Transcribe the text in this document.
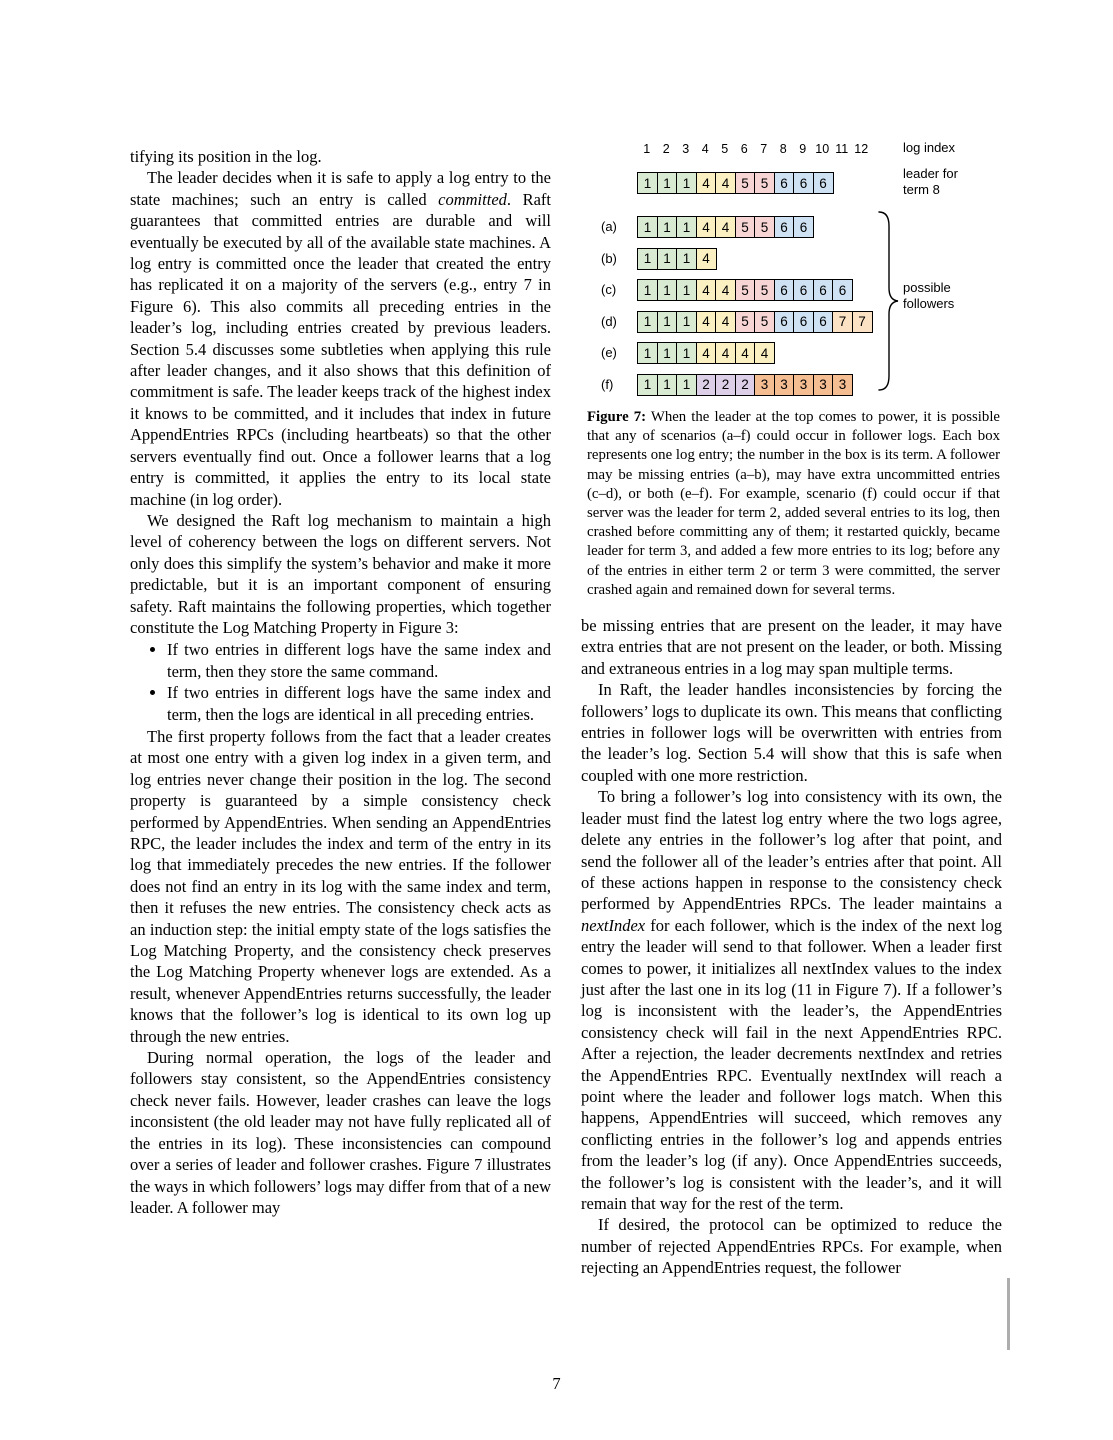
tifying its position in the log.

The leader decides when it is safe to apply a log entry to the state machines; such an entry is called committed. Raft guarantees that committed entries are durable and will eventually be executed by all of the available state machines. A log entry is committed once the leader that created the entry has replicated it on a majority of the servers (e.g., entry 7 in Figure 6). This also commits all preceding entries in the leader’s log, including entries created by previous leaders. Section 5.4 discusses some subtleties when applying this rule after leader changes, and it also shows that this definition of commitment is safe. The leader keeps track of the highest index it knows to be committed, and it includes that index in future AppendEntries RPCs (including heartbeats) so that the other servers eventually find out. Once a follower learns that a log entry is committed, it applies the entry to its local state machine (in log order).

We designed the Raft log mechanism to maintain a high level of coherency between the logs on different servers. Not only does this simplify the system’s behavior and make it more predictable, but it is an important component of ensuring safety. Raft maintains the following properties, which together constitute the Log Matching Property in Figure 3:

• If two entries in different logs have the same index and term, then they store the same command.
• If two entries in different logs have the same index and term, then the logs are identical in all preceding entries.

The first property follows from the fact that a leader creates at most one entry with a given log index in a given term, and log entries never change their position in the log. The second property is guaranteed by a simple consistency check performed by AppendEntries. When sending an AppendEntries RPC, the leader includes the index and term of the entry in its log that immediately precedes the new entries. If the follower does not find an entry in its log with the same index and term, then it refuses the new entries. The consistency check acts as an induction step: the initial empty state of the logs satisfies the Log Matching Property, and the consistency check preserves the Log Matching Property whenever logs are extended. As a result, whenever AppendEntries returns successfully, the leader knows that the follower’s log is identical to its own log up through the new entries.

During normal operation, the logs of the leader and followers stay consistent, so the AppendEntries consistency check never fails. However, leader crashes can leave the logs inconsistent (the old leader may not have fully replicated all of the entries in its log). These inconsistencies can compound over a series of leader and follower crashes. Figure 7 illustrates the ways in which followers’ logs may differ from that of a new leader. A follower may

1	2	3	4	5	6	7	8	9 10 11 12	log index
leader for
term 8
1 1 1 4 4 5 5 6 6 6
(a)	1 1 1 4 4 5 5 6 6
(b)	1 1 1 4
(c)	1 1 1 4 4 5 5 6 6 6 6
(d)	1 1 1 4 4 5 5 6 6 6 7 7
(e)	1 1 1 4 4 4 4
(f)	1 1 1 2 2 2 3 3 3 3 3
possible
followers

Figure 7: When the leader at the top comes to power, it is possible that any of scenarios (a–f) could occur in follower logs. Each box represents one log entry; the number in the box is its term. A follower may be missing entries (a–b), may have extra uncommitted entries (c–d), or both (e–f). For example, scenario (f) could occur if that server was the leader for term 2, added several entries to its log, then crashed before committing any of them; it restarted quickly, became leader for term 3, and added a few more entries to its log; before any of the entries in either term 2 or term 3 were committed, the server crashed again and remained down for several terms.

be missing entries that are present on the leader, it may have extra entries that are not present on the leader, or both. Missing and extraneous entries in a log may span multiple terms.

In Raft, the leader handles inconsistencies by forcing the followers’ logs to duplicate its own. This means that conflicting entries in follower logs will be overwritten with entries from the leader’s log. Section 5.4 will show that this is safe when coupled with one more restriction.

To bring a follower’s log into consistency with its own, the leader must find the latest log entry where the two logs agree, delete any entries in the follower’s log after that point, and send the follower all of the leader’s entries after that point. All of these actions happen in response to the consistency check performed by AppendEntries RPCs. The leader maintains a nextIndex for each follower, which is the index of the next log entry the leader will send to that follower. When a leader first comes to power, it initializes all nextIndex values to the index just after the last one in its log (11 in Figure 7). If a follower’s log is inconsistent with the leader’s, the AppendEntries consistency check will fail in the next AppendEntries RPC. After a rejection, the leader decrements nextIndex and retries the AppendEntries RPC. Eventually nextIndex will reach a point where the leader and follower logs match. When this happens, AppendEntries will succeed, which removes any conflicting entries in the follower’s log and appends entries from the leader’s log (if any). Once AppendEntries succeeds, the follower’s log is consistent with the leader’s, and it will remain that way for the rest of the term.

If desired, the protocol can be optimized to reduce the number of rejected AppendEntries RPCs. For example, when rejecting an AppendEntries request, the follower

7
